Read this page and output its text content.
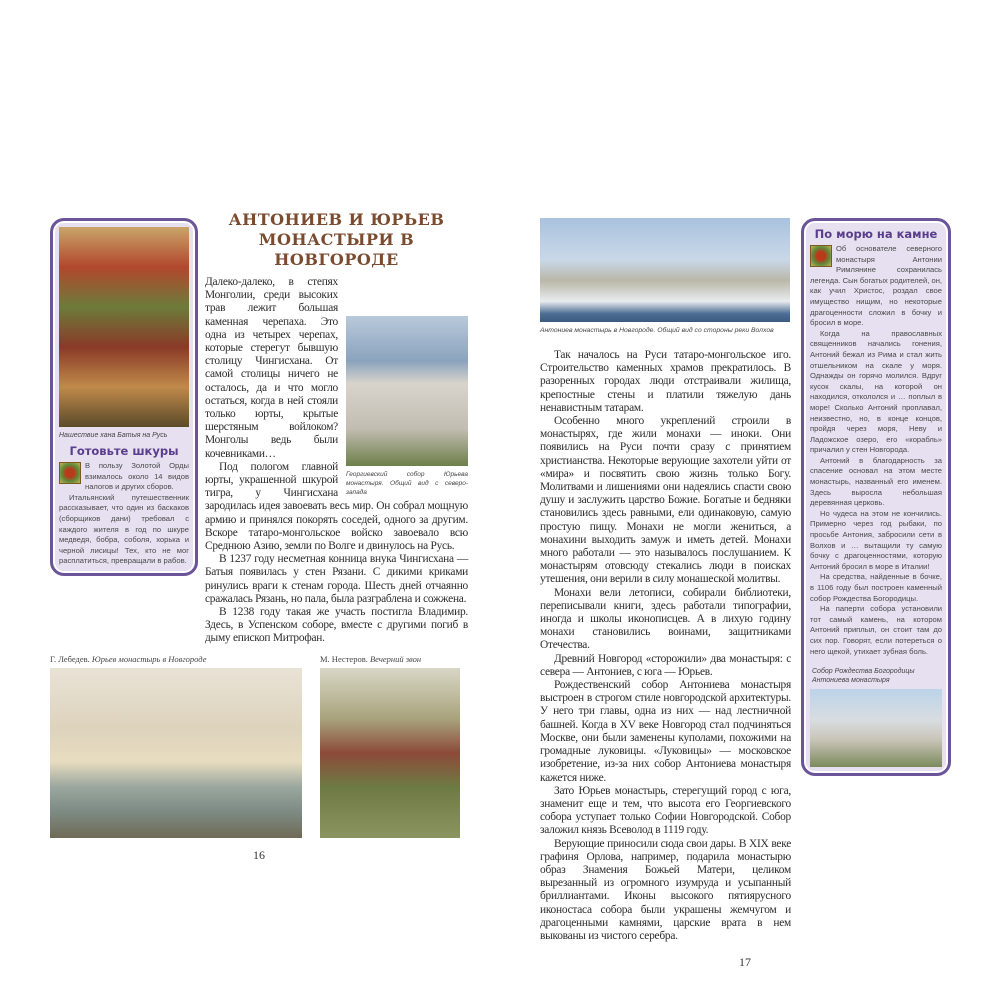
Нашествие хана Батыя на Русь
Готовьте шкуры

В пользу Золотой Орды взималось около 14 видов налогов и других сборов.

Итальянский путешественник рассказывает, что один из баскаков (сборщиков дани) требовал с каждого жителя в год по шкуре медведя, бобра, соболя, хорька и черной лисицы! Тех, кто не мог расплатиться, превращали в рабов.

АНТОНИЕВ И ЮРЬЕВ
МОНАСТЫРИ В НОВГОРОДЕ
Георгиевский собор Юрьева монастыря. Общий вид с северо-запада

Далеко-далеко, в степях Монголии, среди высоких трав лежит большая каменная черепаха. Это одна из четырех черепах, которые стерегут бывшую столицу Чингисхана. От самой столицы ничего не осталось, да и что могло остаться, когда в ней стояли только юрты, крытые шерстяным войлоком? Монголы ведь были кочевниками…

Под пологом главной юрты, украшенной шкурой тигра, у Чингисхана зародилась идея завоевать весь мир. Он собрал мощную армию и принялся покорять соседей, одного за другим. Вскоре татаро-монгольское войско завоевало всю Среднюю Азию, земли по Волге и двинулось на Русь.

В 1237 году несметная конница внука Чингисхана — Батыя появилась у стен Рязани. С дикими криками ринулись враги к стенам города. Шесть дней отчаянно сражалась Рязань, но пала, была разграблена и сожжена.

В 1238 году такая же участь постигла Владимир. Здесь, в Успенском соборе, вместе с другими погиб в дыму епископ Митрофан.

Г. Лебедев. Юрьев монастырь в Новгороде	М. Нестеров. Вечерний звон
16
Антониев монастырь в Новгороде. Общий вид со стороны реки Волхов

Так началось на Руси татаро-монгольское иго. Строительство каменных храмов прекратилось. В разоренных городах люди отстраивали жилища, крепостные стены и платили тяжелую дань ненавистным татарам.

Особенно много укреплений строили в монастырях, где жили монахи — иноки. Они появились на Руси почти сразу с принятием христианства. Некоторые верующие захотели уйти от «мира» и посвятить свою жизнь только Богу. Молитвами и лишениями они надеялись спасти свою душу и заслужить царство Божие. Богатые и бедняки становились здесь равными, ели одинаковую, самую простую пищу. Монахи не могли жениться, а монахини выходить замуж и иметь детей. Монахи много работали — это называлось послушанием. К монастырям отовсюду стекались люди в поисках утешения, они верили в силу монашеской молитвы.

Монахи вели летописи, собирали библиотеки, переписывали книги, здесь работали типографии, иногда и школы иконописцев. А в лихую годину монахи становились воинами, защитниками Отечества.

Древний Новгород «сторожили» два монастыря: с севера — Антониев, с юга — Юрьев.

Рождественский собор Антониева монастыря выстроен в строгом стиле новгородской архитектуры. У него три главы, одна из них — над лестничной башней. Когда в XV веке Новгород стал подчиняться Москве, они были заменены куполами, похожими на громадные луковицы. «Луковицы» — московское изобретение, из-за них собор Антониева монастыря кажется ниже.

Зато Юрьев монастырь, стерегущий город с юга, знаменит еще и тем, что высота его Георгиевского собора уступает только Софии Новгородской. Собор заложил князь Всеволод в 1119 году.

Верующие приносили сюда свои дары. В XIX веке графиня Орлова, например, подарила монастырю образ Знамения Божьей Матери, целиком вырезанный из огромного изумруда и усыпанный бриллиантами. Иконы высокого пятиярусного иконостаса собора были украшены жемчугом и драгоценными камнями, царские врата в нем выкованы из чистого серебра.

17
По морю на камне

Об основателе северного монастыря Антонии Римлянине сохранилась легенда. Сын богатых родителей, он, как учил Христос, роздал свое имущество нищим, но некоторые драгоценности сложил в бочку и бросил в море.

Когда на православных священников начались гонения, Антоний бежал из Рима и стал жить отшельником на скале у моря. Однажды он горячо молился. Вдруг кусок скалы, на которой он находился, откололся и … поплыл в море! Сколько Антоний проплавал, неизвестно, но, в конце концов, пройдя через моря, Неву и Ладожское озеро, его «корабль» причалил у стен Новгорода.

Антоний в благодарность за спасение основал на этом месте монастырь, названный его именем. Здесь выросла небольшая деревянная церковь.

Но чудеса на этом не кончились. Примерно через год рыбаки, по просьбе Антония, забросили сети в Волхов и … вытащили ту самую бочку с драгоценностями, которую Антоний бросил в море в Италии!

На средства, найденные в бочке, в 1106 году был построен каменный собор Рождества Богородицы.

На паперти собора установили тот самый камень, на котором Антоний приплыл, он стоит там до сих пор. Говорят, если потереться о него щекой, утихает зубная боль.

Собор Рождества Богородицы
Антониева монастыря
